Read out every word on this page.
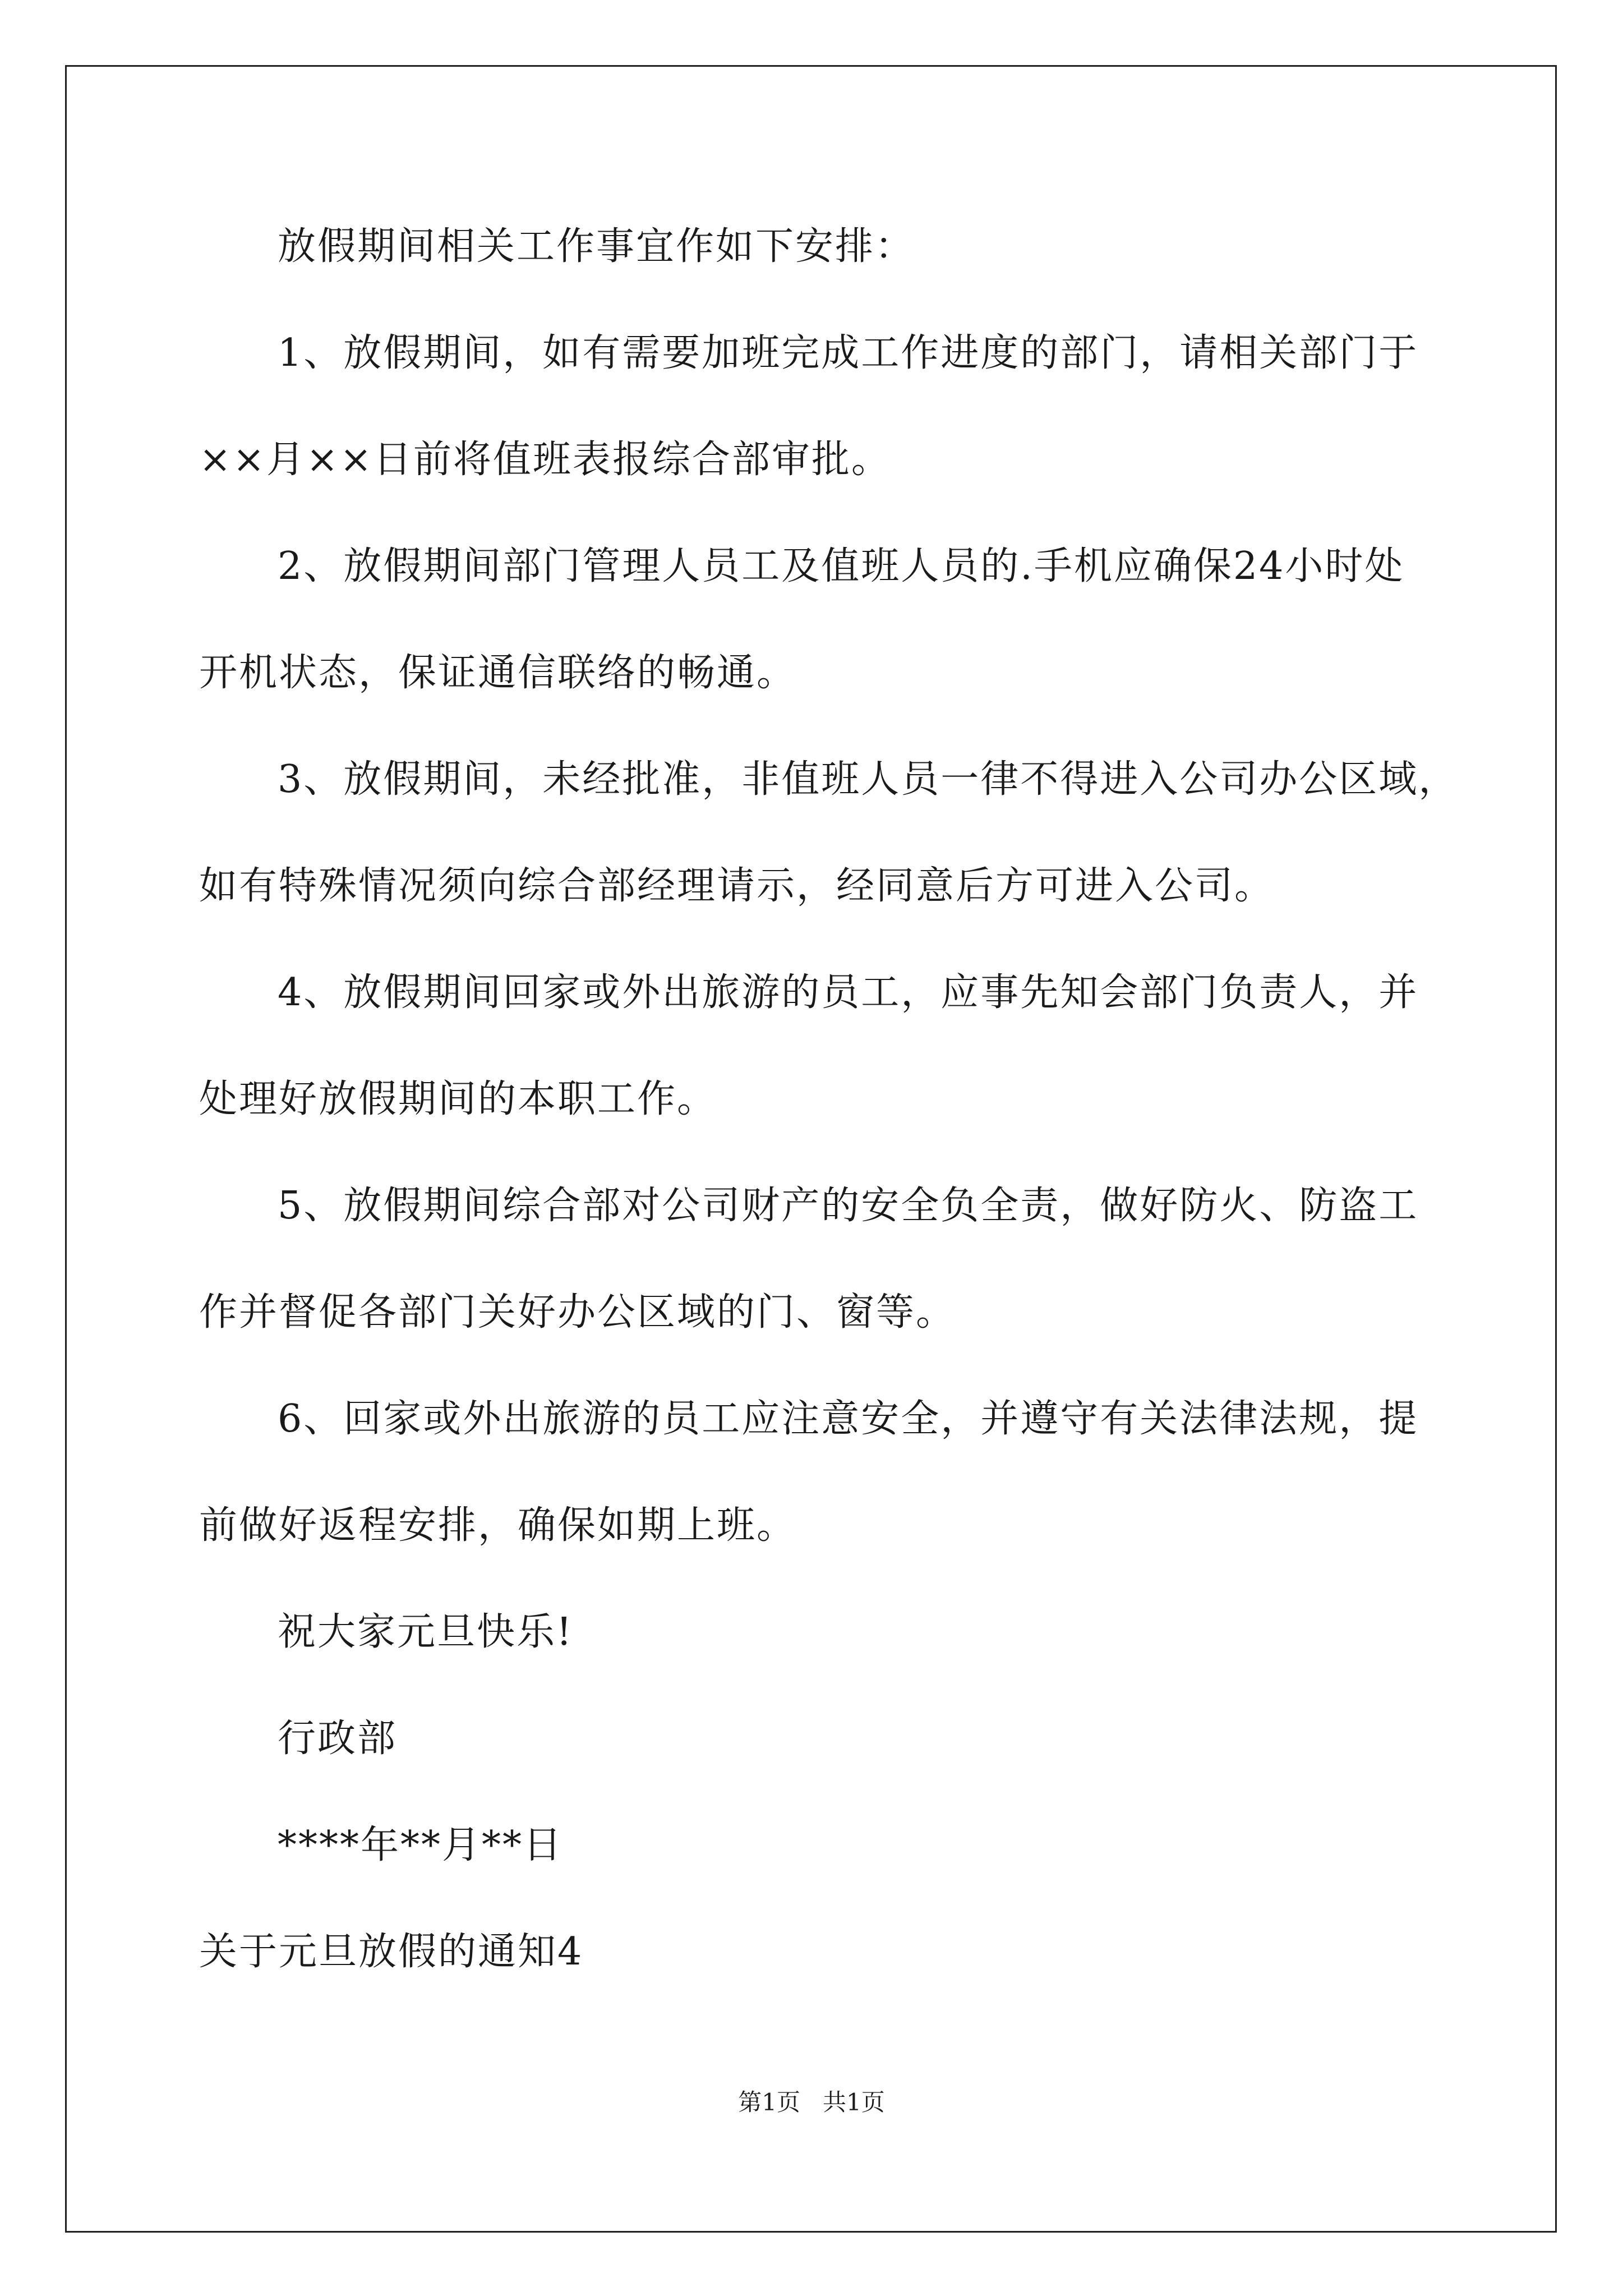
放假期间相关工作事宜作如下安排：
1、放假期间，如有需要加班完成工作进度的部门，请相关部门于
××月××日前将值班表报综合部审批。
2、放假期间部门管理人员工及值班人员的.手机应确保24小时处
开机状态，保证通信联络的畅通。
3、放假期间，未经批准，非值班人员一律不得进入公司办公区域，
如有特殊情况须向综合部经理请示，经同意后方可进入公司。
4、放假期间回家或外出旅游的员工，应事先知会部门负责人，并
处理好放假期间的本职工作。
5、放假期间综合部对公司财产的安全负全责，做好防火、防盗工
作并督促各部门关好办公区域的门、窗等。
6、回家或外出旅游的员工应注意安全，并遵守有关法律法规，提
前做好返程安排，确保如期上班。
祝大家元旦快乐!
行政部
****年**月**日
关于元旦放假的通知4
第1页   共1页
